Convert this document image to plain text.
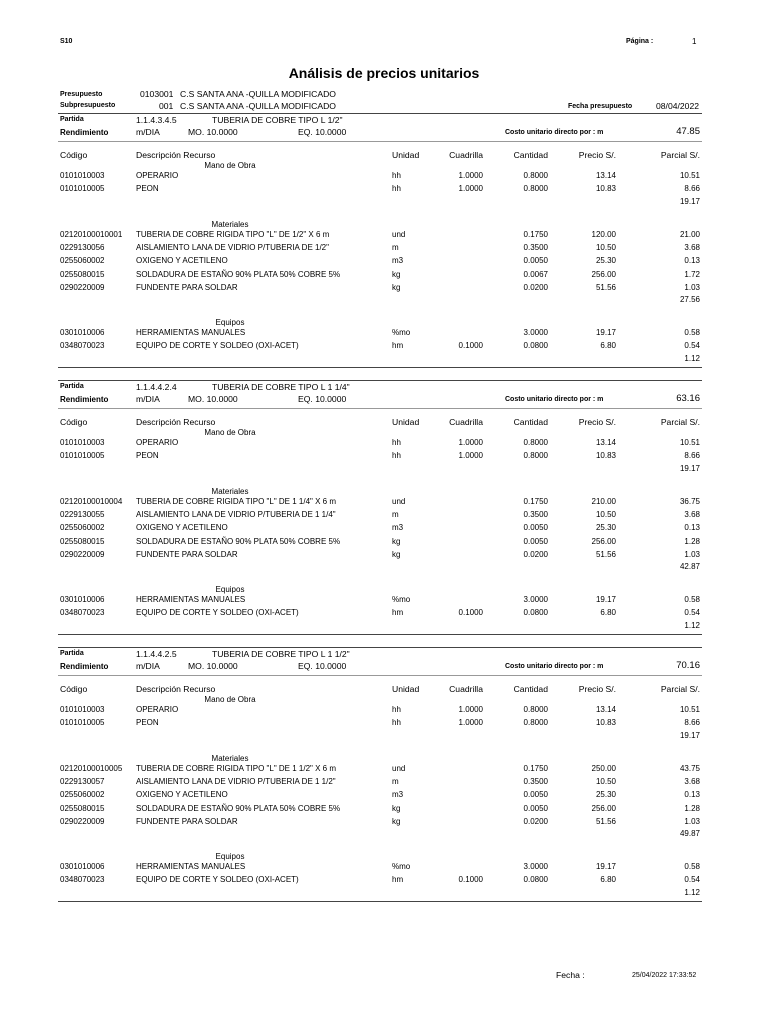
S10	Página :	1
Análisis de precios unitarios
Presupuesto	0103001 C.S SANTA ANA -QUILLA MODIFICADO
Subpresupuesto	001 C.S SANTA ANA -QUILLA MODIFICADO	Fecha presupuesto	08/04/2022
Partida	1.1.4.3.4.5	TUBERIA DE COBRE TIPO L 1/2"
Rendimiento	m/DIA	MO. 10.0000	EQ. 10.0000	Costo unitario directo por : m	47.85
Código	Descripción Recurso	Unidad	Cuadrilla	Cantidad	Precio S/.	Parcial S/.
Mano de Obra
0101010003	OPERARIO	hh	1.0000	0.8000	13.14	10.51
0101010005	PEON	hh	1.0000	0.8000	10.83	8.66
19.17
Materiales
02120100010001 TUBERIA DE COBRE RIGIDA TIPO "L" DE 1/2" X 6 m	und	0.1750	120.00	21.00
0229130056	AISLAMIENTO LANA DE VIDRIO P/TUBERIA DE 1/2"	m	0.3500	10.50	3.68
0255060002	OXIGENO Y ACETILENO	m3	0.0050	25.30	0.13
0255080015	SOLDADURA DE ESTAÑO 90% PLATA 50% COBRE 5%	kg	0.0067	256.00	1.72
0290220009	FUNDENTE PARA SOLDAR	kg	0.0200	51.56	1.03
27.56
Equipos
0301010006	HERRAMIENTAS MANUALES	%mo	3.0000	19.17	0.58
0348070023	EQUIPO DE CORTE Y SOLDEO (OXI-ACET)	hm	0.1000	0.0800	6.80	0.54
1.12
Partida	1.1.4.4.2.4	TUBERIA DE COBRE TIPO L 1 1/4"
Rendimiento	m/DIA	MO. 10.0000	EQ. 10.0000	Costo unitario directo por : m	63.16
Código	Descripción Recurso	Unidad	Cuadrilla	Cantidad	Precio S/.	Parcial S/.
Mano de Obra
0101010003	OPERARIO	hh	1.0000	0.8000	13.14	10.51
0101010005	PEON	hh	1.0000	0.8000	10.83	8.66
19.17
Materiales
02120100010004 TUBERIA DE COBRE RIGIDA TIPO "L" DE 1 1/4" X 6 m	und	0.1750	210.00	36.75
0229130055	AISLAMIENTO LANA DE VIDRIO P/TUBERIA DE 1 1/4"	m	0.3500	10.50	3.68
0255060002	OXIGENO Y ACETILENO	m3	0.0050	25.30	0.13
0255080015	SOLDADURA DE ESTAÑO 90% PLATA 50% COBRE 5%	kg	0.0050	256.00	1.28
0290220009	FUNDENTE PARA SOLDAR	kg	0.0200	51.56	1.03
42.87
Equipos
0301010006	HERRAMIENTAS MANUALES	%mo	3.0000	19.17	0.58
0348070023	EQUIPO DE CORTE Y SOLDEO (OXI-ACET)	hm	0.1000	0.0800	6.80	0.54
1.12
Partida	1.1.4.4.2.5	TUBERIA DE COBRE TIPO L 1 1/2"
Rendimiento	m/DIA	MO. 10.0000	EQ. 10.0000	Costo unitario directo por : m	70.16
Código	Descripción Recurso	Unidad	Cuadrilla	Cantidad	Precio S/.	Parcial S/.
Mano de Obra
0101010003	OPERARIO	hh	1.0000	0.8000	13.14	10.51
0101010005	PEON	hh	1.0000	0.8000	10.83	8.66
19.17
Materiales
02120100010005 TUBERIA DE COBRE RIGIDA TIPO "L" DE 1 1/2" X 6 m	und	0.1750	250.00	43.75
0229130057	AISLAMIENTO LANA DE VIDRIO P/TUBERIA DE 1 1/2"	m	0.3500	10.50	3.68
0255060002	OXIGENO Y ACETILENO	m3	0.0050	25.30	0.13
0255080015	SOLDADURA DE ESTAÑO 90% PLATA 50% COBRE 5%	kg	0.0050	256.00	1.28
0290220009	FUNDENTE PARA SOLDAR	kg	0.0200	51.56	1.03
49.87
Equipos
0301010006	HERRAMIENTAS MANUALES	%mo	3.0000	19.17	0.58
0348070023	EQUIPO DE CORTE Y SOLDEO (OXI-ACET)	hm	0.1000	0.0800	6.80	0.54
1.12
Fecha :	25/04/2022 17:33:52
